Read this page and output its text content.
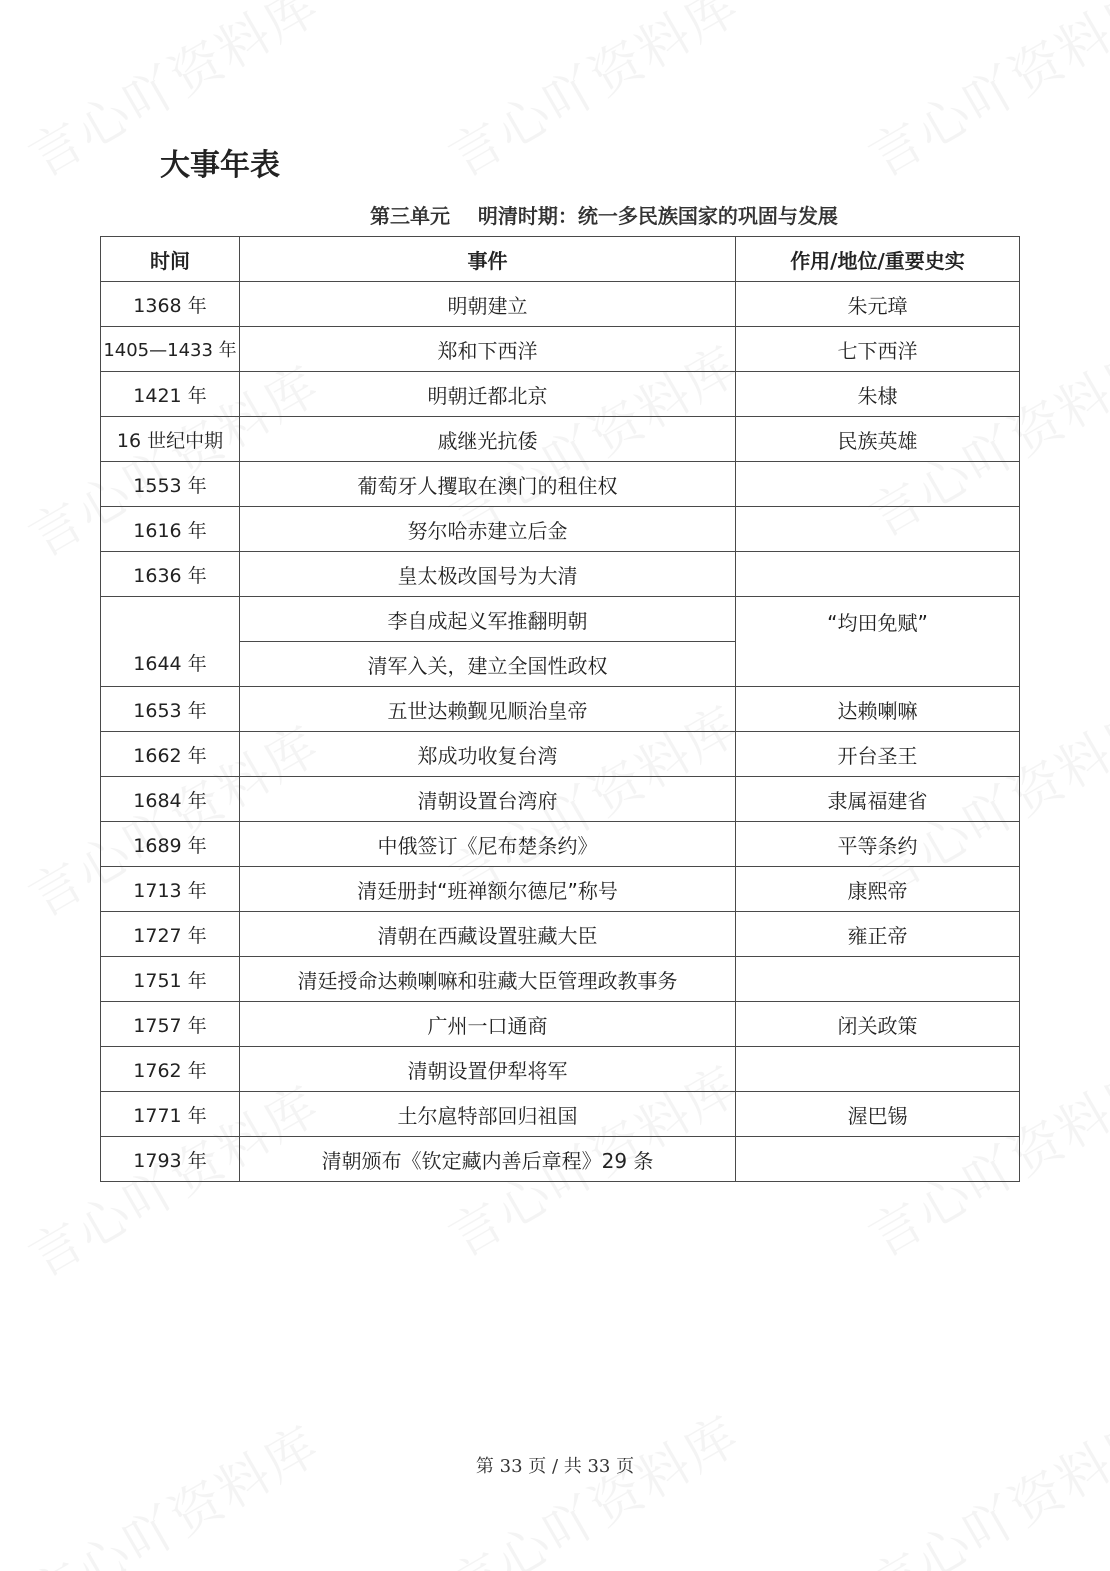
大事年表
第三单元    明清时期：统一多民族国家的巩固与发展
时间	事件	作用/地位/重要史实
1368 年	明朝建立	朱元璋
1405—1433 年	郑和下西洋	七下西洋
1421 年	明朝迁都北京	朱棣
16 世纪中期	戚继光抗倭	民族英雄
1553 年	葡萄牙人攫取在澳门的租住权	
1616 年	努尔哈赤建立后金	
1636 年	皇太极改国号为大清	
1644 年	李自成起义军推翻明朝	“均田免赋”
	清军入关，建立全国性政权	
1653 年	五世达赖觐见顺治皇帝	达赖喇嘛
1662 年	郑成功收复台湾	开台圣王
1684 年	清朝设置台湾府	隶属福建省
1689 年	中俄签订《尼布楚条约》	平等条约
1713 年	清廷册封“班禅额尔德尼”称号	康熙帝
1727 年	清朝在西藏设置驻藏大臣	雍正帝
1751 年	清廷授命达赖喇嘛和驻藏大臣管理政教事务	
1757 年	广州一口通商	闭关政策
1762 年	清朝设置伊犁将军	
1771 年	土尔扈特部回归祖国	渥巴锡
1793 年	清朝颁布《钦定藏内善后章程》29 条	
第 33 页 / 共 33 页
